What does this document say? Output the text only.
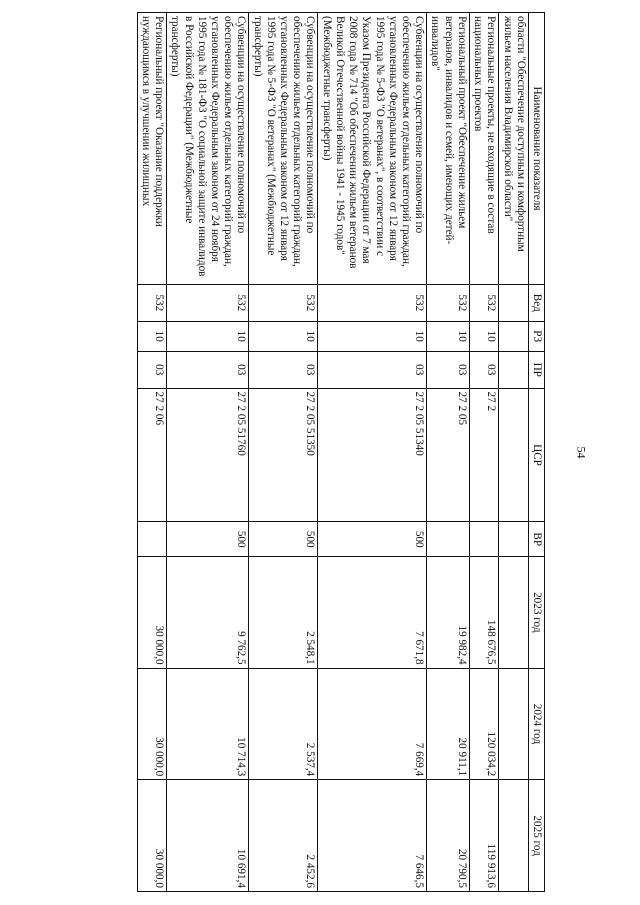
54
Наименование показателя	Вед	РЗ	ПР	ЦСР	ВР	2023 год	2024 год	2025 год
области "Обеспечение доступным и комфортным жильем населения Владимирской области"								
Региональные проекты, не входящие в состав национальных проектов	532	10	03	27 2		148 676,5	120 034,2	119 913,6
Региональный проект "Обеспечение жильем ветеранов, инвалидов и семей, имеющих детей-инвалидов"	532	10	03	27 2 05		19 982,4	20 911,1	20 790,5
Субвенции на осуществление полномочий по обеспечению жильем отдельных категорий граждан, установленных Федеральным законом от 12 января 1995 года № 5-ФЗ "О ветеранах", в соответствии с Указом Президента Российской Федерации от 7 мая 2008 года № 714 "Об обеспечении жильем ветеранов Великой Отечественной войны 1941 - 1945 годов" (Межбюджетные трансферты)	532	10	03	27 2 05 51340	500	7 671,8	7 669,4	7 646,5
Субвенции на осуществление полномочий по обеспечению жильем отдельных категорий граждан, установленных Федеральным законом от 12 января 1995 года № 5-ФЗ "О ветеранах" (Межбюджетные трансферты)	532	10	03	27 2 05 51350	500	2 548,1	2 537,4	2 452,6
Субвенции на осуществление полномочий по обеспечению жильем отдельных категорий граждан, установленных Федеральным законом от 24 ноября 1995 года № 181-ФЗ "О социальной защите инвалидов в Российской Федерации" (Межбюджетные трансферты)	532	10	03	27 2 05 51760	500	9 762,5	10 714,3	10 691,4
Региональный проект "Оказание поддержки нуждающимся в улучшении жилищных	532	10	03	27 2 06		30 000,0	30 000,0	30 000,0
